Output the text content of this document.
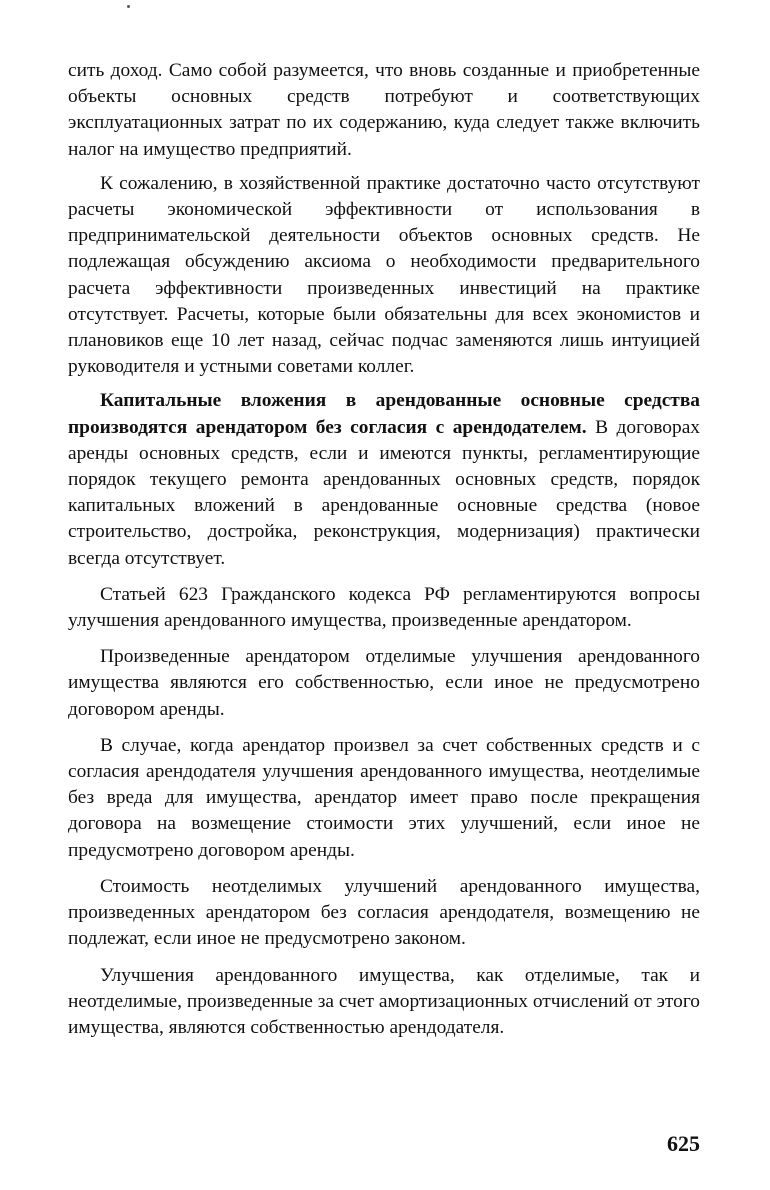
сить доход. Само собой разумеется, что вновь созданные и приобретенные объекты основных средств потребуют и соответствующих эксплуатационных затрат по их содержанию, куда следует также включить налог на имущество предприятий.

К сожалению, в хозяйственной практике достаточно часто отсутствуют расчеты экономической эффективности от использования в предпринимательской деятельности объектов основных средств. Не подлежащая обсуждению аксиома о необходимости предварительного расчета эффективности произведенных инвестиций на практике отсутствует. Расчеты, которые были обязательны для всех экономистов и плановиков еще 10 лет назад, сейчас подчас заменяются лишь интуицией руководителя и устными советами коллег.

Капитальные вложения в арендованные основные средства производятся арендатором без согласия с арендодателем. В договорах аренды основных средств, если и имеются пункты, регламентирующие порядок текущего ремонта арендованных основных средств, порядок капитальных вложений в арендованные основные средства (новое строительство, достройка, реконструкция, модернизация) практически всегда отсутствует.

Статьей 623 Гражданского кодекса РФ регламентируются вопросы улучшения арендованного имущества, произведенные арендатором.

Произведенные арендатором отделимые улучшения арендованного имущества являются его собственностью, если иное не предусмотрено договором аренды.

В случае, когда арендатор произвел за счет собственных средств и с согласия арендодателя улучшения арендованного имущества, неотделимые без вреда для имущества, арендатор имеет право после прекращения договора на возмещение стоимости этих улучшений, если иное не предусмотрено договором аренды.

Стоимость неотделимых улучшений арендованного имущества, произведенных арендатором без согласия арендодателя, возмещению не подлежат, если иное не предусмотрено законом.

Улучшения арендованного имущества, как отделимые, так и неотделимые, произведенные за счет амортизационных отчислений от этого имущества, являются собственностью арендодателя.

625
